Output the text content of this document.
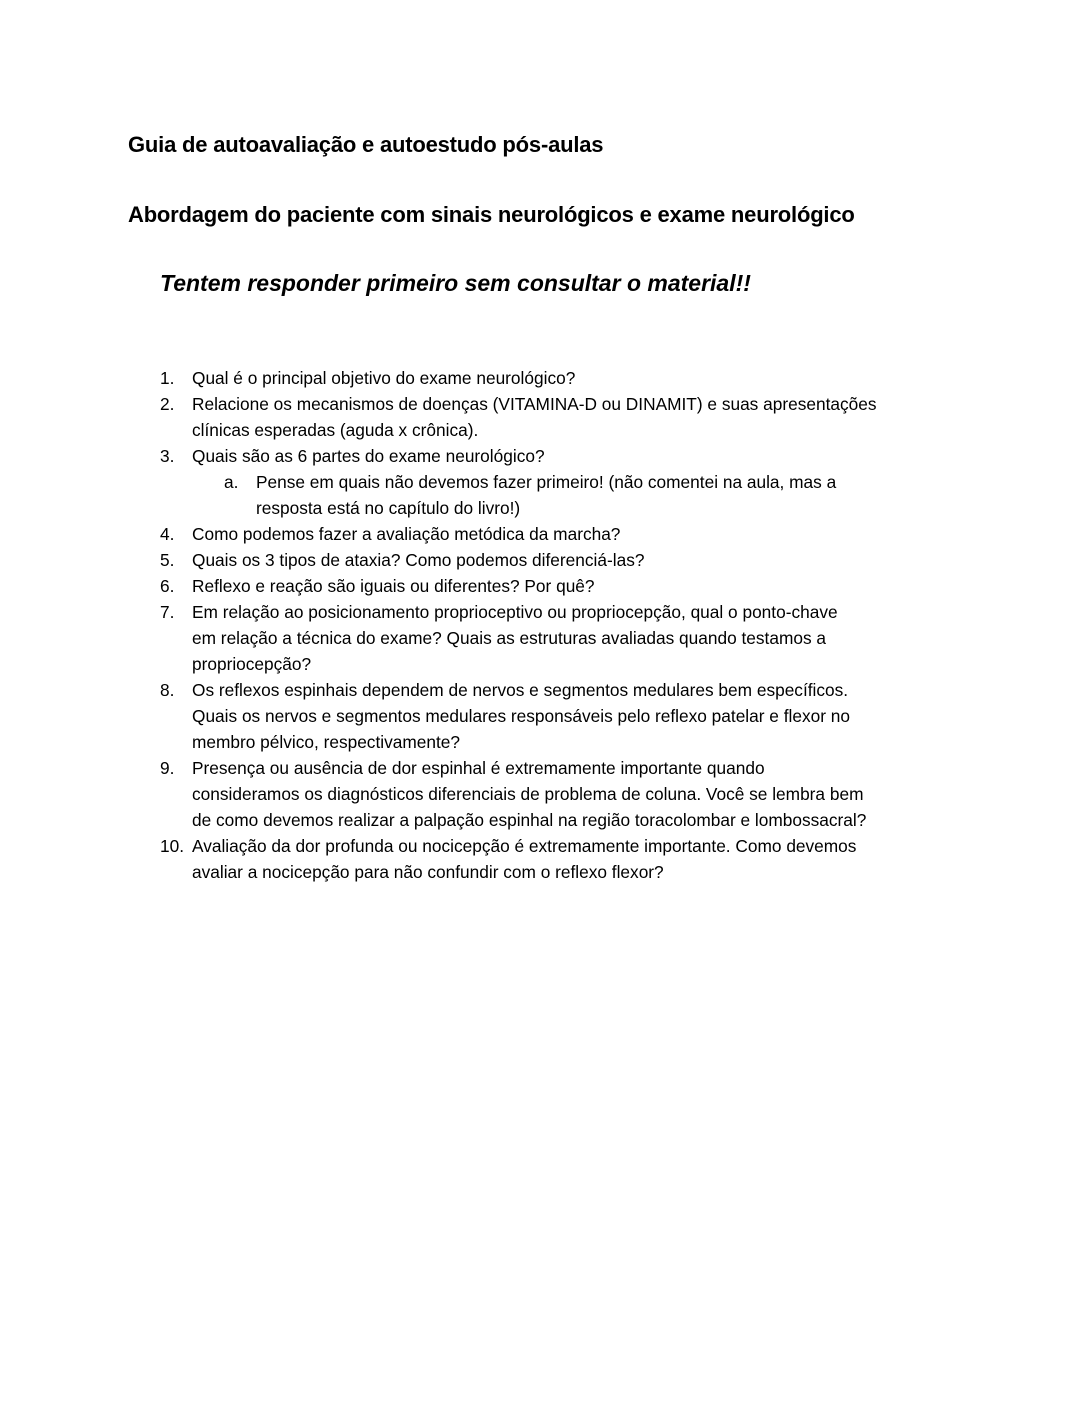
Guia de autoavaliação e autoestudo pós-aulas
Abordagem do paciente com sinais neurológicos e exame neurológico
Tentem responder primeiro sem consultar o material!!
1. Qual é o principal objetivo do exame neurológico?
2. Relacione os mecanismos de doenças (VITAMINA-D ou DINAMIT) e suas apresentações
clínicas esperadas (aguda x crônica).
3. Quais são as 6 partes do exame neurológico?
a. Pense em quais não devemos fazer primeiro! (não comentei na aula, mas a
resposta está no capítulo do livro!)
4. Como podemos fazer a avaliação metódica da marcha?
5. Quais os 3 tipos de ataxia? Como podemos diferenciá-las?
6. Reflexo e reação são iguais ou diferentes? Por quê?
7. Em relação ao posicionamento proprioceptivo ou propriocepção, qual o ponto-chave
em relação a técnica do exame? Quais as estruturas avaliadas quando testamos a
propriocepção?
8. Os reflexos espinhais dependem de nervos e segmentos medulares bem específicos.
Quais os nervos e segmentos medulares responsáveis pelo reflexo patelar e flexor no
membro pélvico, respectivamente?
9. Presença ou ausência de dor espinhal é extremamente importante quando
consideramos os diagnósticos diferenciais de problema de coluna. Você se lembra bem
de como devemos realizar a palpação espinhal na região toracolombar e lombossacral?
10. Avaliação da dor profunda ou nocicepção é extremamente importante. Como devemos
avaliar a nocicepção para não confundir com o reflexo flexor?
